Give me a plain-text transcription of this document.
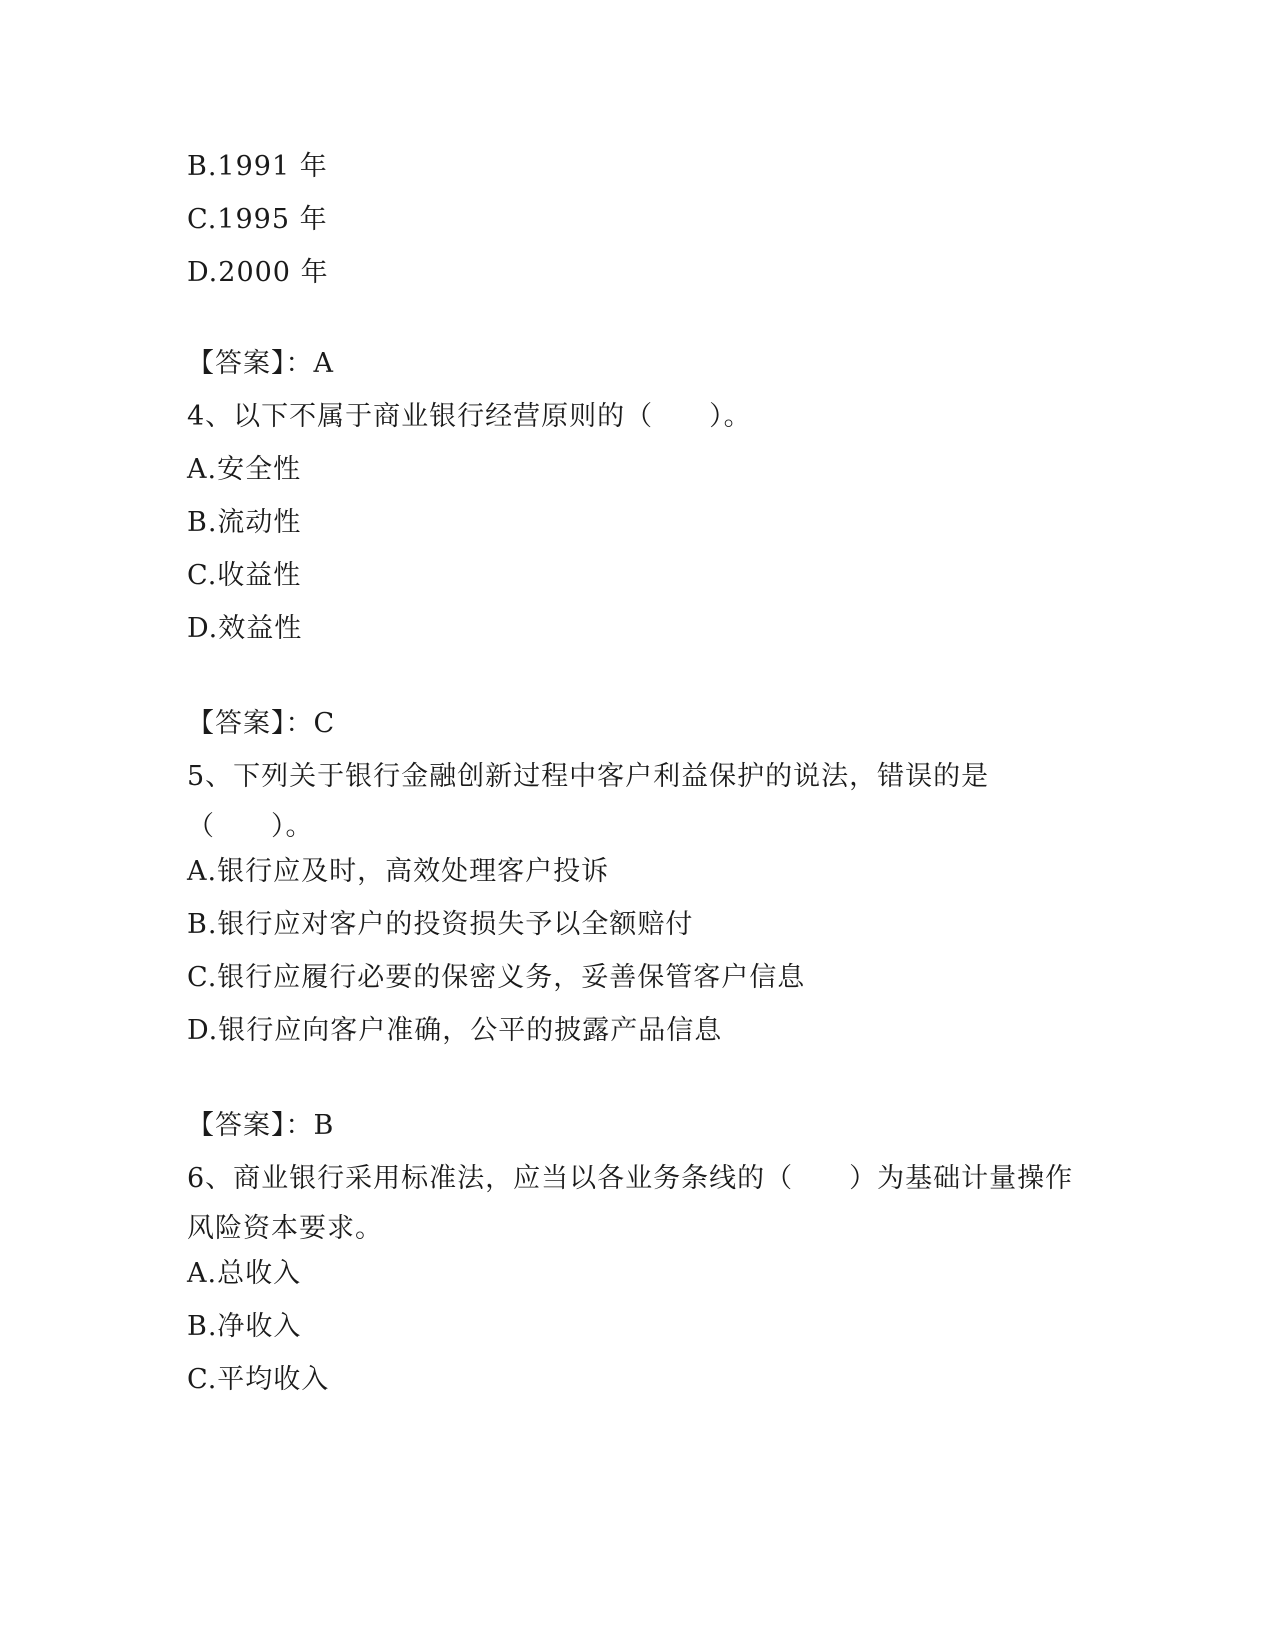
B.1991 年
C.1995 年
D.2000 年
【答案】：A
4、以下不属于商业银行经营原则的（　　）。
A.安全性
B.流动性
C.收益性
D.效益性
【答案】：C
5、下列关于银行金融创新过程中客户利益保护的说法，错误的是（　　）。
A.银行应及时，高效处理客户投诉
B.银行应对客户的投资损失予以全额赔付
C.银行应履行必要的保密义务，妥善保管客户信息
D.银行应向客户准确，公平的披露产品信息
【答案】：B
6、商业银行采用标准法，应当以各业务条线的（　　）为基础计量操作风险资本要求。
A.总收入
B.净收入
C.平均收入
